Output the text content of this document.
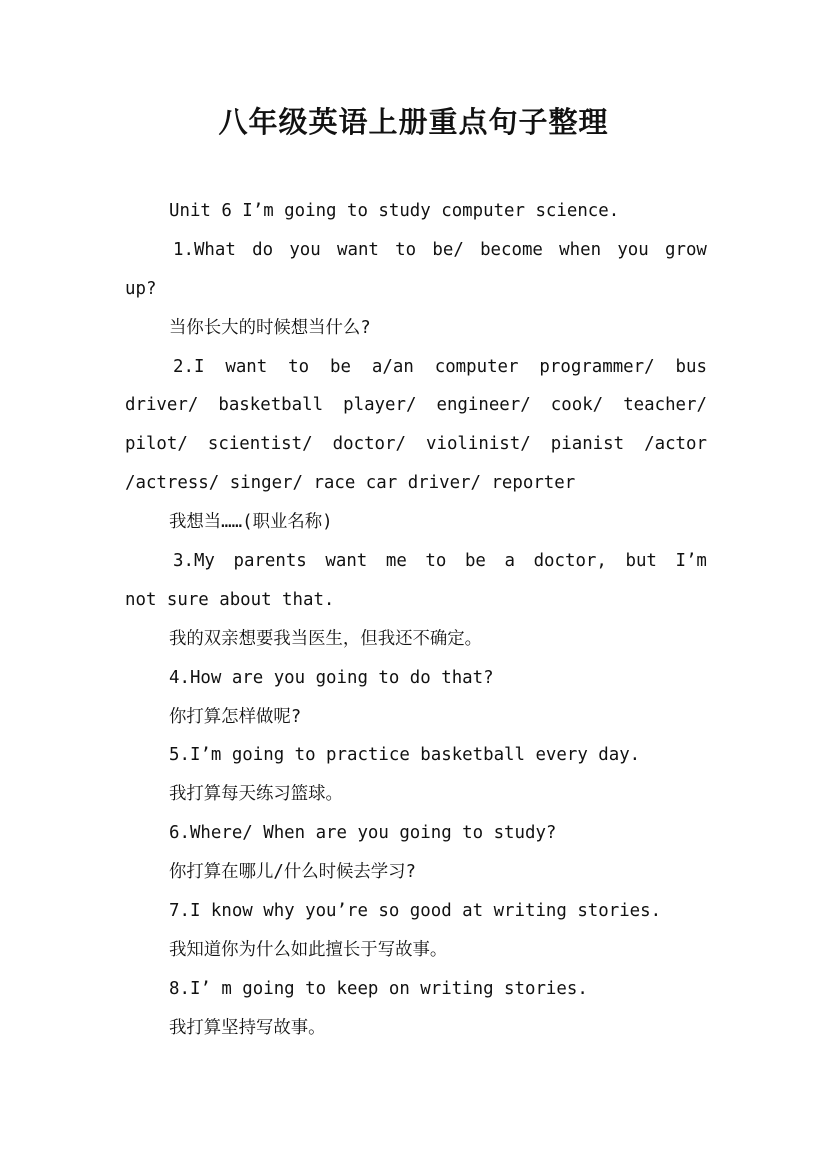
八年级英语上册重点句子整理
Unit 6 I’m going to study computer science.
1.What do you want to be/ become when you grow
up?
当你长大的时候想当什么?
2.I want to be a/an computer programmer/ bus
driver/ basketball player/ engineer/ cook/ teacher/
pilot/ scientist/ doctor/ violinist/ pianist /actor
/actress/ singer/ race car driver/ reporter
我想当……(职业名称)
3.My parents want me to be a doctor, but I’m
not sure about that.
我的双亲想要我当医生，但我还不确定。
4.How are you going to do that?
你打算怎样做呢?
5.I’m going to practice basketball every day.
我打算每天练习篮球。
6.Where/ When are you going to study?
你打算在哪儿/什么时候去学习?
7.I know why you’re so good at writing stories.
我知道你为什么如此擅长于写故事。
8.I’ m going to keep on writing stories.
我打算坚持写故事。
